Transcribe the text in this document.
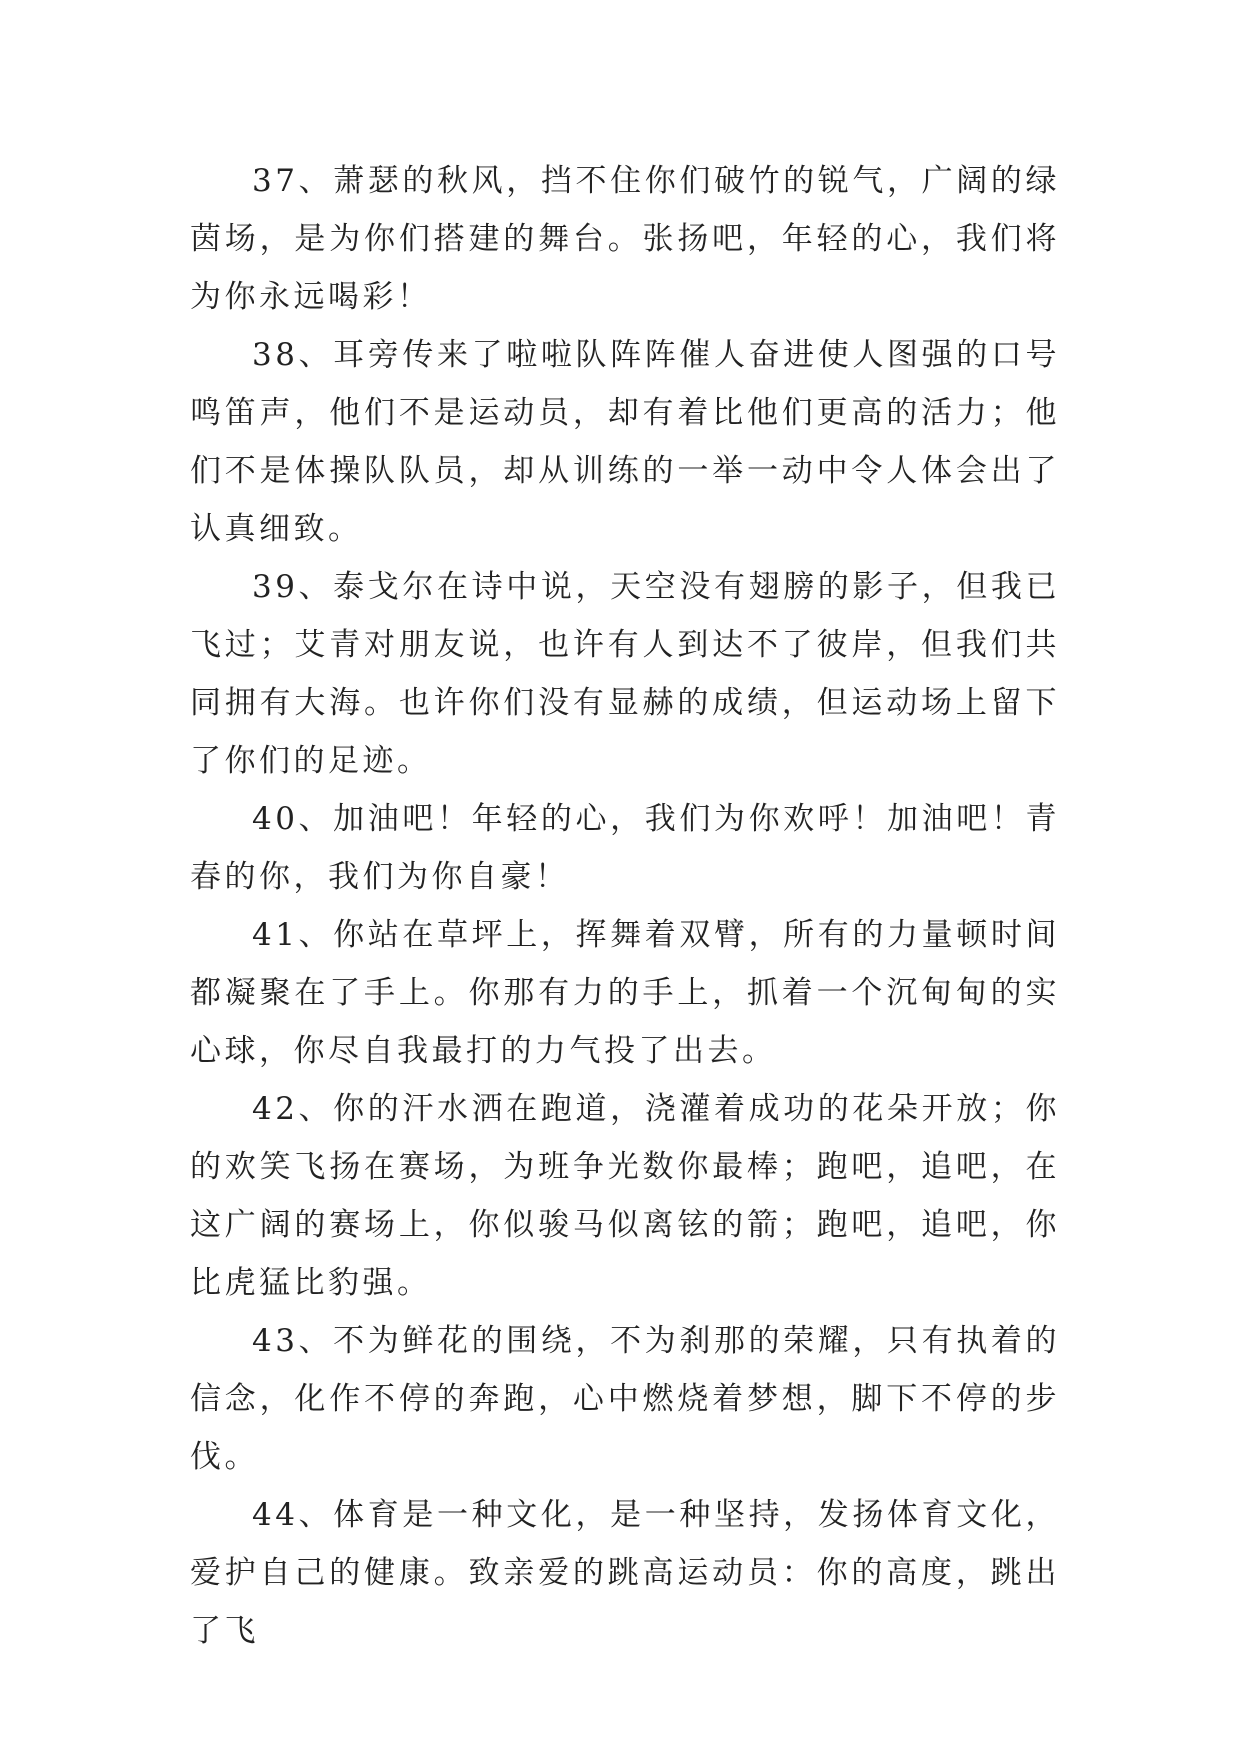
37、萧瑟的秋风，挡不住你们破竹的锐气，广阔的绿茵场，是为你们搭建的舞台。张扬吧，年轻的心，我们将为你永远喝彩！

38、耳旁传来了啦啦队阵阵催人奋进使人图强的口号鸣笛声，他们不是运动员，却有着比他们更高的活力；他们不是体操队队员，却从训练的一举一动中令人体会出了认真细致。

39、泰戈尔在诗中说，天空没有翅膀的影子，但我已飞过；艾青对朋友说，也许有人到达不了彼岸，但我们共同拥有大海。也许你们没有显赫的成绩，但运动场上留下了你们的足迹。

40、加油吧！年轻的心，我们为你欢呼！加油吧！青春的你，我们为你自豪！

41、你站在草坪上，挥舞着双臂，所有的力量顿时间都凝聚在了手上。你那有力的手上，抓着一个沉甸甸的实心球，你尽自我最打的力气投了出去。

42、你的汗水洒在跑道，浇灌着成功的花朵开放；你的欢笑飞扬在赛场，为班争光数你最棒；跑吧，追吧，在这广阔的赛场上，你似骏马似离铉的箭；跑吧，追吧，你比虎猛比豹强。

43、不为鲜花的围绕，不为刹那的荣耀，只有执着的信念，化作不停的奔跑，心中燃烧着梦想，脚下不停的步伐。

44、体育是一种文化，是一种坚持，发扬体育文化，爱护自己的健康。致亲爱的跳高运动员：你的高度，跳出了飞
